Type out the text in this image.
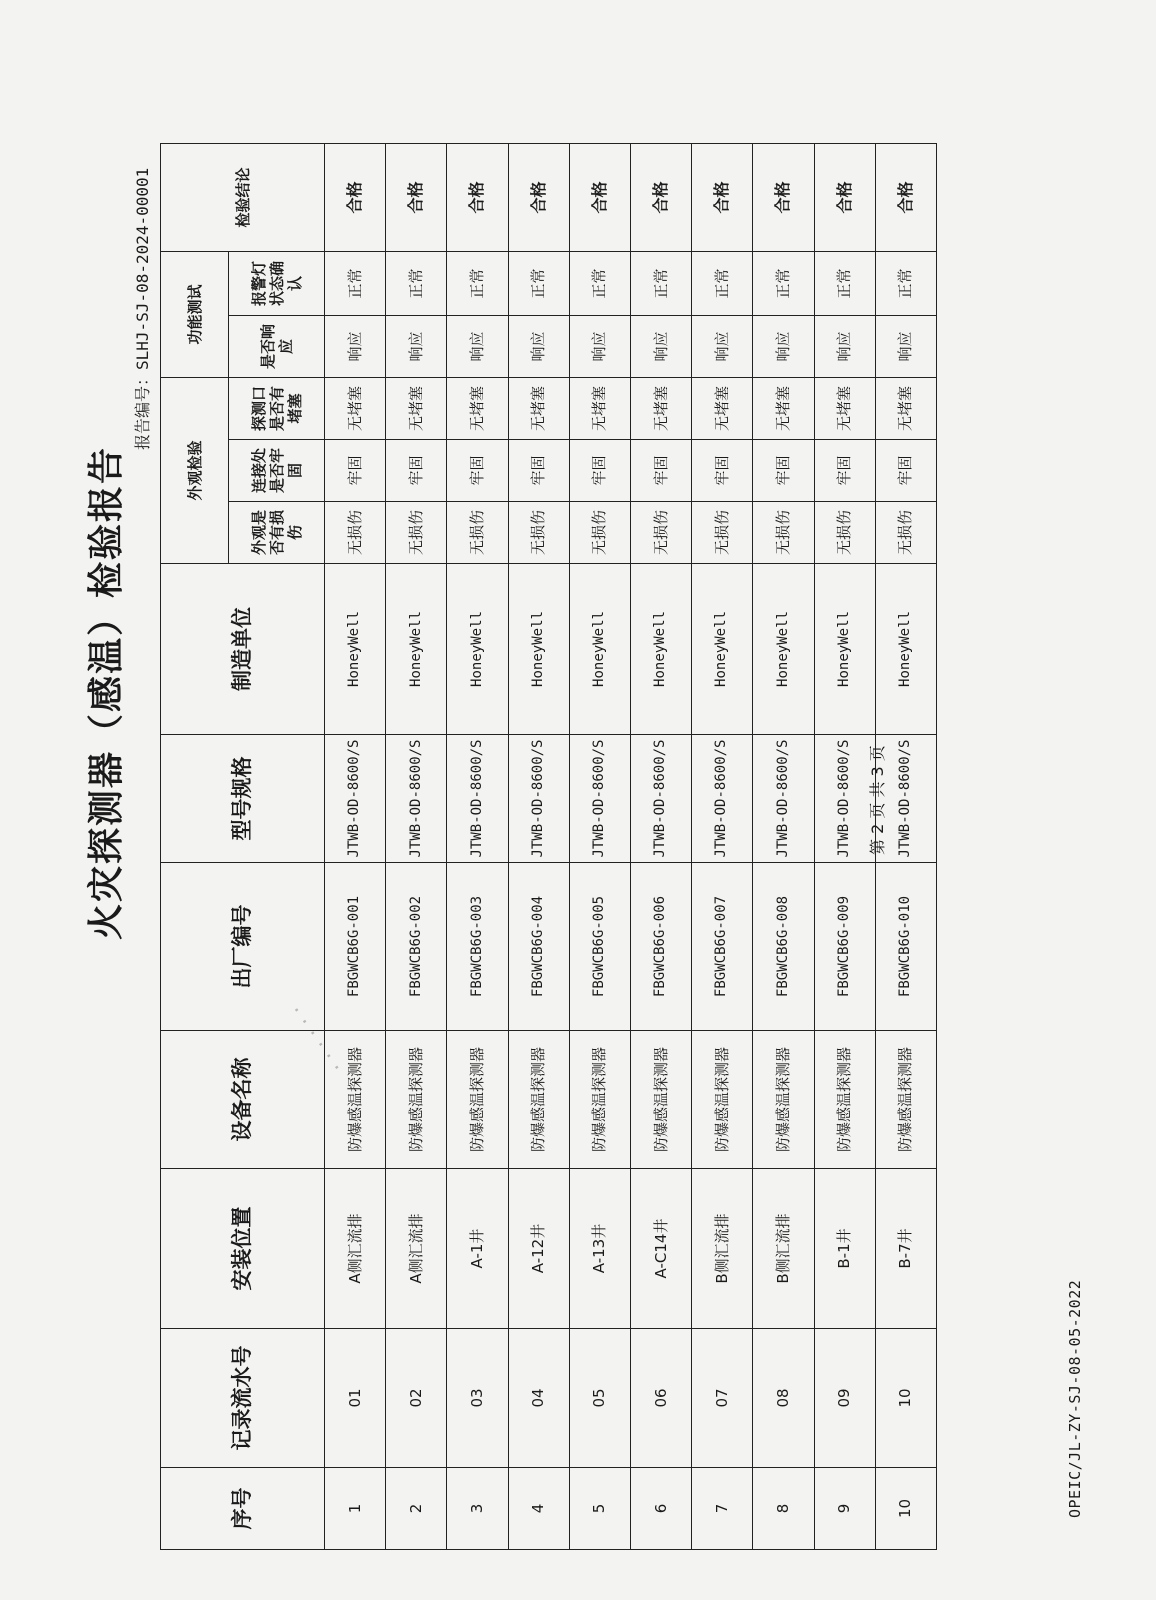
OPEIC/JL-ZY-SJ-08-05-2022
火灾探测器（感温）检验报告
报告编号：SLHJ-SJ-08-2024-00001
序号	记录流水号	安装位置	设备名称	出厂编号	型号规格	制造单位	外观检验			功能测试		检验结论
							外观是否有损伤	连接处是否牢固	探测口是否有堵塞	是否响应	报警灯状态确认	
1	01	A侧汇流排	防爆感温探测器	FBGWCB6G-001	JTWB-OD-8600/S	HoneyWell	无损伤	牢固	无堵塞	响应	正常	合格
2	02	A侧汇流排	防爆感温探测器	FBGWCB6G-002	JTWB-OD-8600/S	HoneyWell	无损伤	牢固	无堵塞	响应	正常	合格
3	03	A-1井	防爆感温探测器	FBGWCB6G-003	JTWB-OD-8600/S	HoneyWell	无损伤	牢固	无堵塞	响应	正常	合格
4	04	A-12井	防爆感温探测器	FBGWCB6G-004	JTWB-OD-8600/S	HoneyWell	无损伤	牢固	无堵塞	响应	正常	合格
5	05	A-13井	防爆感温探测器	FBGWCB6G-005	JTWB-OD-8600/S	HoneyWell	无损伤	牢固	无堵塞	响应	正常	合格
6	06	A-C14井	防爆感温探测器	FBGWCB6G-006	JTWB-OD-8600/S	HoneyWell	无损伤	牢固	无堵塞	响应	正常	合格
7	07	B侧汇流排	防爆感温探测器	FBGWCB6G-007	JTWB-OD-8600/S	HoneyWell	无损伤	牢固	无堵塞	响应	正常	合格
8	08	B侧汇流排	防爆感温探测器	FBGWCB6G-008	JTWB-OD-8600/S	HoneyWell	无损伤	牢固	无堵塞	响应	正常	合格
9	09	B-1井	防爆感温探测器	FBGWCB6G-009	JTWB-OD-8600/S	HoneyWell	无损伤	牢固	无堵塞	响应	正常	合格
10	10	B-7井	防爆感温探测器	FBGWCB6G-010	JTWB-OD-8600/S	HoneyWell	无损伤	牢固	无堵塞	响应	正常	合格
第 2 页 共 3 页
. . . . . .
